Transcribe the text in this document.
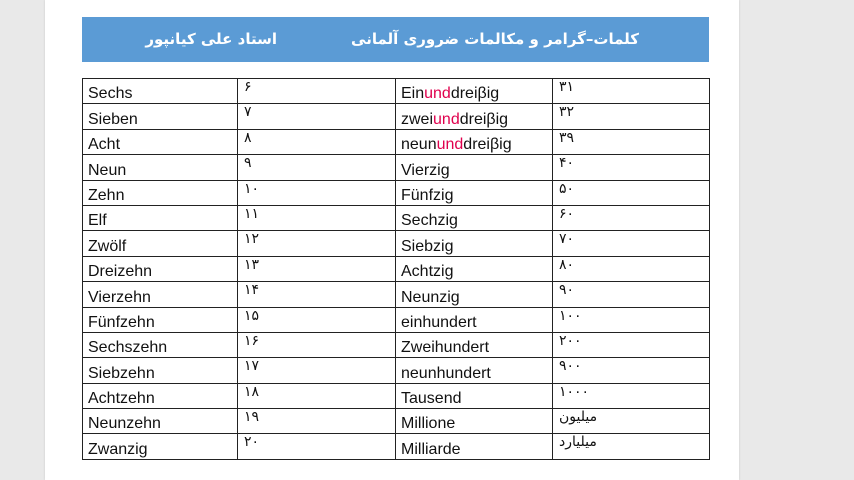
کلمات–گرامر و مکالمات ضروری آلمانی
استاد علی کیانپور
Sechs	۶	Einunddreiβig	۳۱
Sieben	۷	zweiunddreiβig	۳۲
Acht	۸	neununddreiβig	۳۹
Neun	۹	Vierzig	۴۰
Zehn	۱۰	Fünfzig	۵۰
Elf	۱۱	Sechzig	۶۰
Zwölf	۱۲	Siebzig	۷۰
Dreizehn	۱۳	Achtzig	۸۰
Vierzehn	۱۴	Neunzig	۹۰
Fünfzehn	۱۵	einhundert	۱۰۰
Sechszehn	۱۶	Zweihundert	۲۰۰
Siebzehn	۱۷	neunhundert	۹۰۰
Achtzehn	۱۸	Tausend	۱۰۰۰
Neunzehn	۱۹	Millione	میلیون
Zwanzig	۲۰	Milliarde	میلیارد
